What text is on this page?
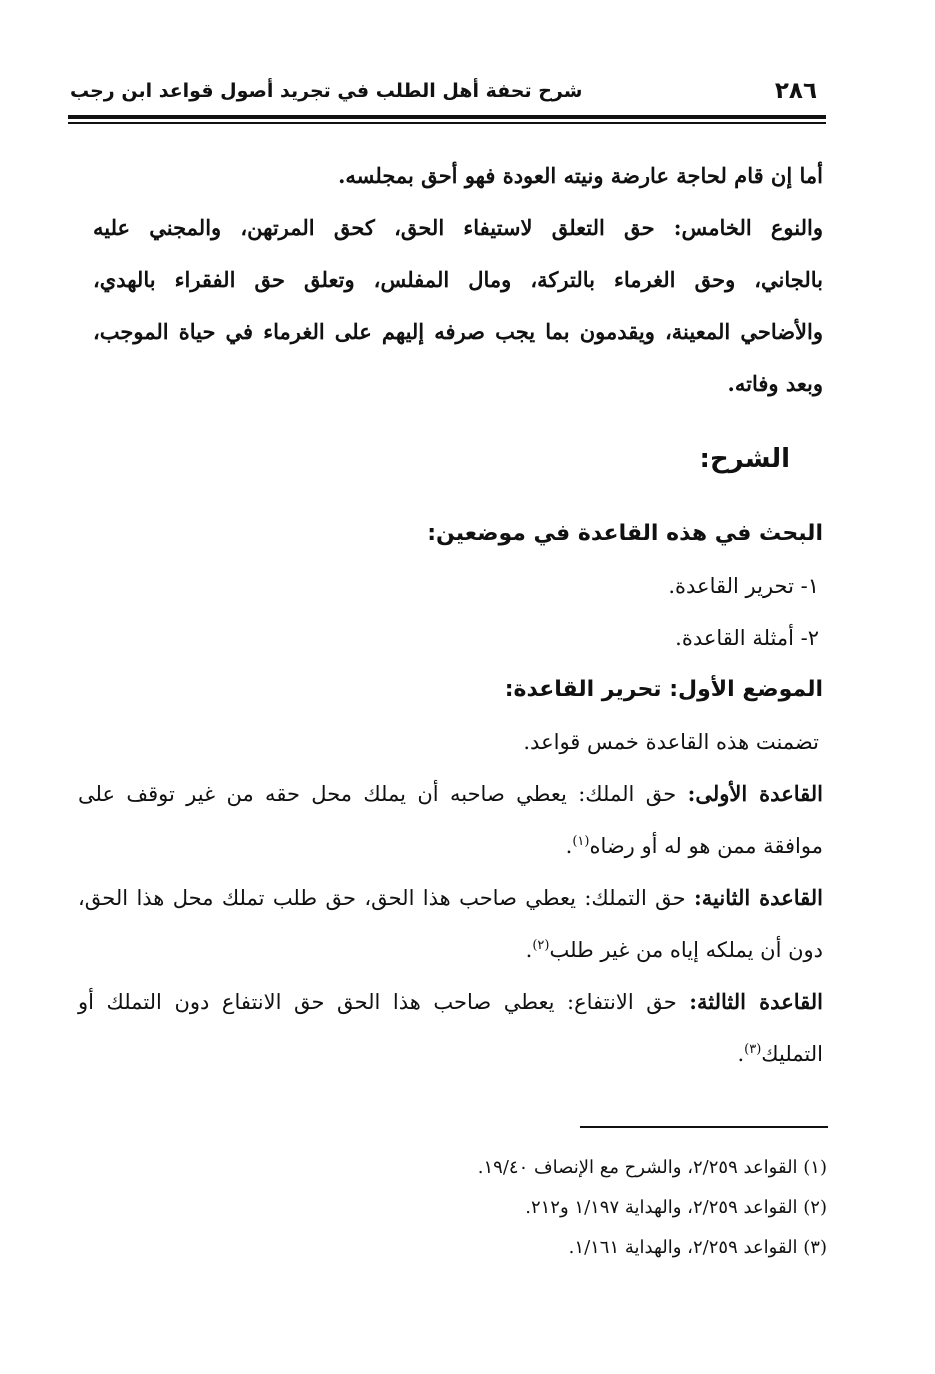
٢٨٦
شرح تحفة أهل الطلب في تجريد أصول قواعد ابن رجب
أما إن قام لحاجة عارضة ونيته العودة فهو أحق بمجلسه.
والنوع الخامس: حق التعلق لاستيفاء الحق، كحق المرتهن، والمجني عليه
بالجاني، وحق الغرماء بالتركة، ومال المفلس، وتعلق حق الفقراء بالهدي،
والأضاحي المعينة، ويقدمون بما يجب صرفه إليهم على الغرماء في حياة الموجب،
وبعد وفاته.
الشرح:
البحث في هذه القاعدة في موضعين:
١- تحرير القاعدة.
٢- أمثلة القاعدة.
الموضع الأول: تحرير القاعدة:
تضمنت هذه القاعدة خمس قواعد.
القاعدة الأولى: حق الملك: يعطي صاحبه أن يملك محل حقه من غير توقف على موافقة ممن هو له أو رضاه$^{(١)}$.
القاعدة الثانية: حق التملك: يعطي صاحب هذا الحق، حق طلب تملك محل هذا الحق، دون أن يملكه إياه من غير طلب$^{(٢)}$.
القاعدة الثالثة: حق الانتفاع: يعطي صاحب هذا الحق حق الانتفاع دون التملك أو التمليك$^{(٣)}$.
(١) القواعد ٢/٢٥٩، والشرح مع الإنصاف ١٩/٤٠.
(٢) القواعد ٢/٢٥٩، والهداية ١/١٩٧ و٢١٢.
(٣) القواعد ٢/٢٥٩، والهداية ١/١٦١.
